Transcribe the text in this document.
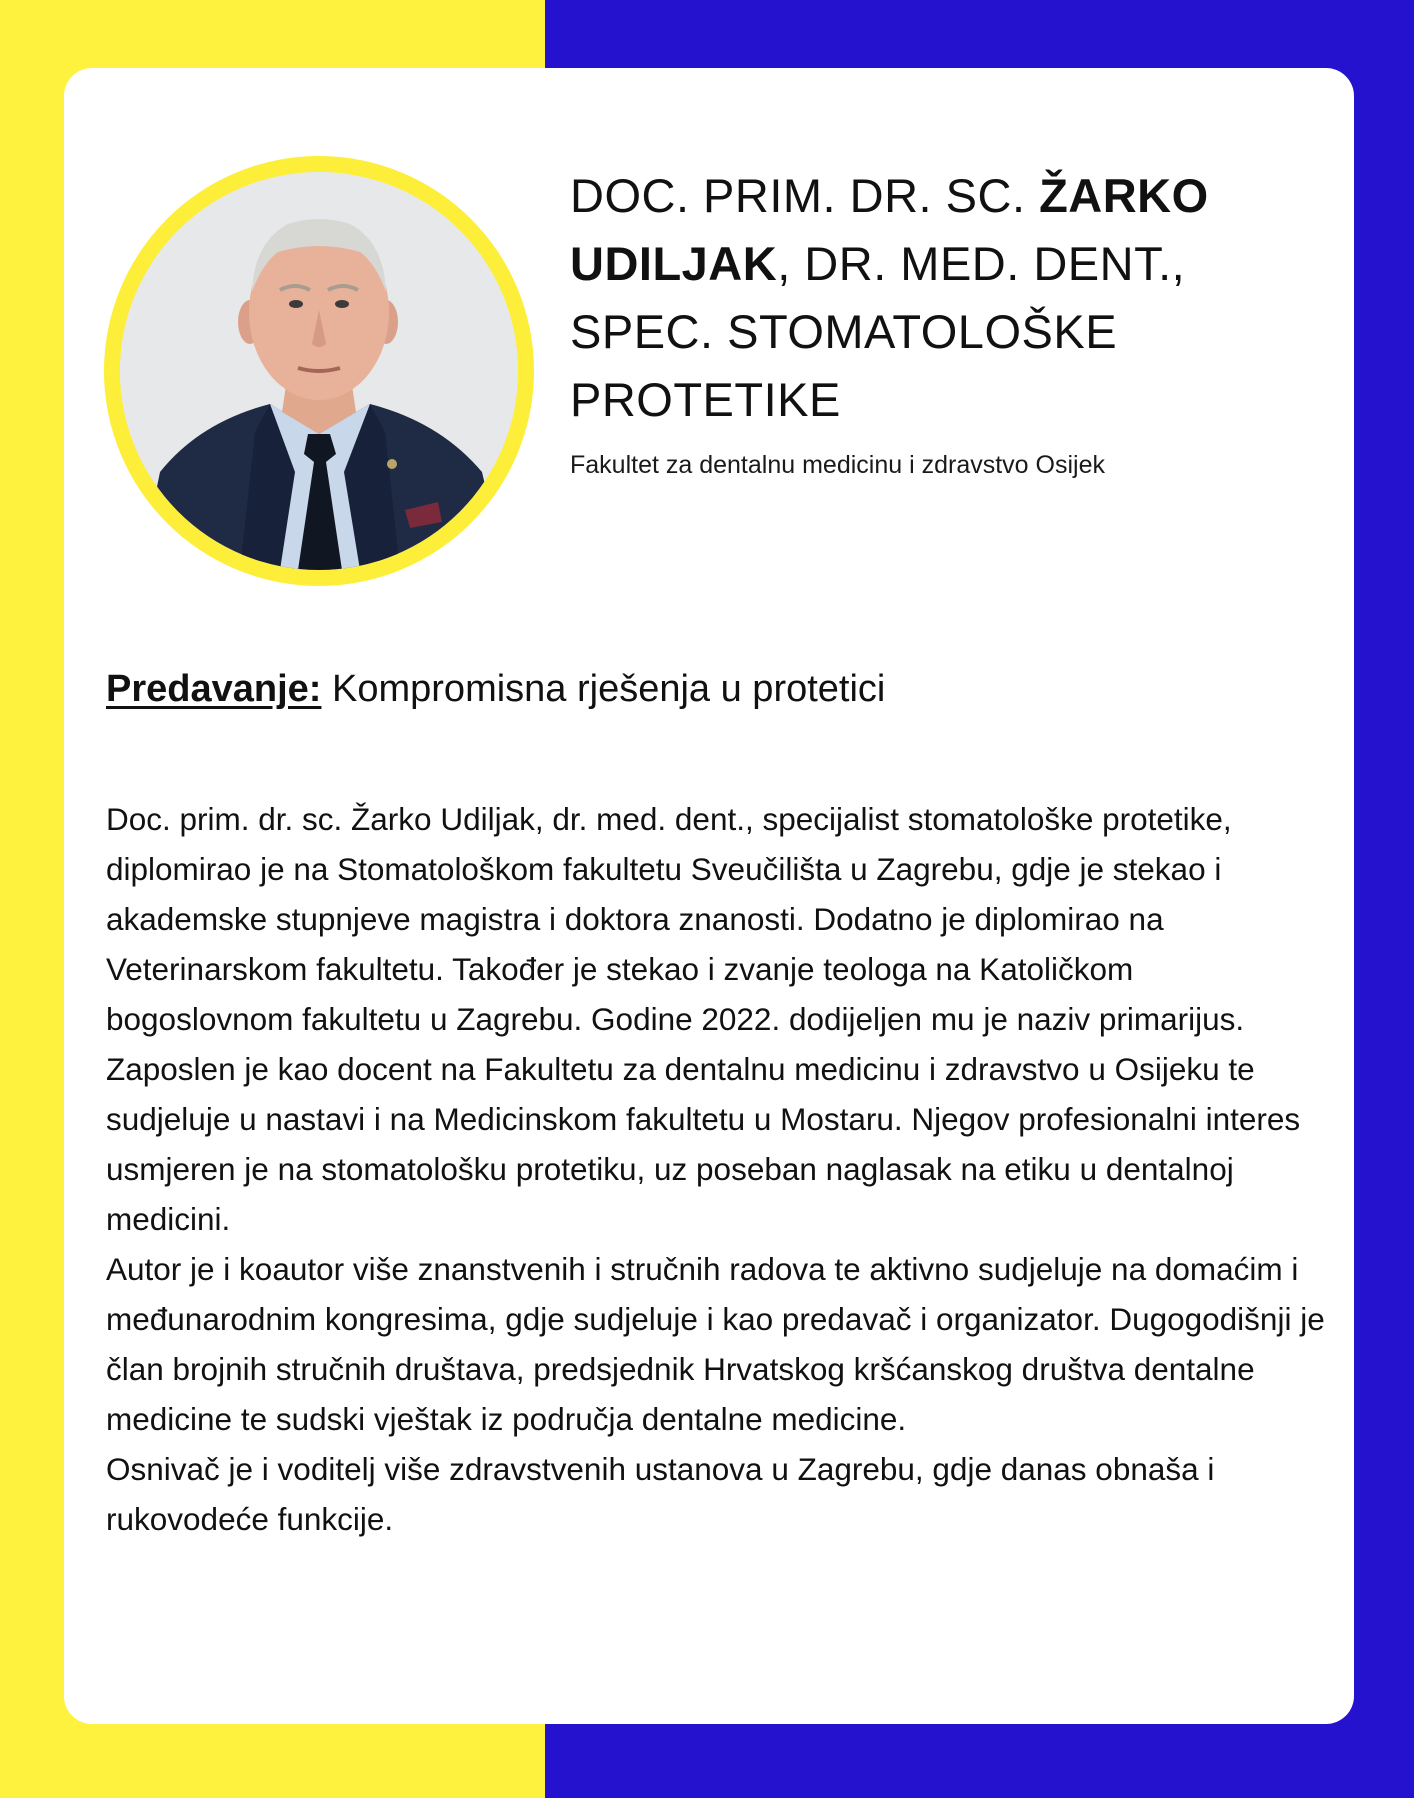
DOC. PRIM. DR. SC. ŽARKO UDILJAK, DR. MED. DENT., SPEC. STOMATOLOŠKE PROTETIKE

Fakultet za dentalnu medicinu i zdravstvo Osijek

Predavanje: Kompromisna rješenja u protetici

Doc. prim. dr. sc. Žarko Udiljak, dr. med. dent., specijalist stomatološke protetike, diplomirao je na Stomatološkom fakultetu Sveučilišta u Zagrebu, gdje je stekao i akademske stupnjeve magistra i doktora znanosti. Dodatno je diplomirao na Veterinarskom fakultetu. Također je stekao i zvanje teologa na Katoličkom bogoslovnom fakultetu u Zagrebu. Godine 2022. dodijeljen mu je naziv primarijus.

Zaposlen je kao docent na Fakultetu za dentalnu medicinu i zdravstvo u Osijeku te sudjeluje u nastavi i na Medicinskom fakultetu u Mostaru. Njegov profesionalni interes usmjeren je na stomatološku protetiku, uz poseban naglasak na etiku u dentalnoj medicini.

Autor je i koautor više znanstvenih i stručnih radova te aktivno sudjeluje na domaćim i međunarodnim kongresima, gdje sudjeluje i kao predavač i organizator. Dugogodišnji je član brojnih stručnih društava, predsjednik Hrvatskog kršćanskog društva dentalne medicine te sudski vještak iz područja dentalne medicine.

Osnivač je i voditelj više zdravstvenih ustanova u Zagrebu, gdje danas obnaša i rukovodeće funkcije.
